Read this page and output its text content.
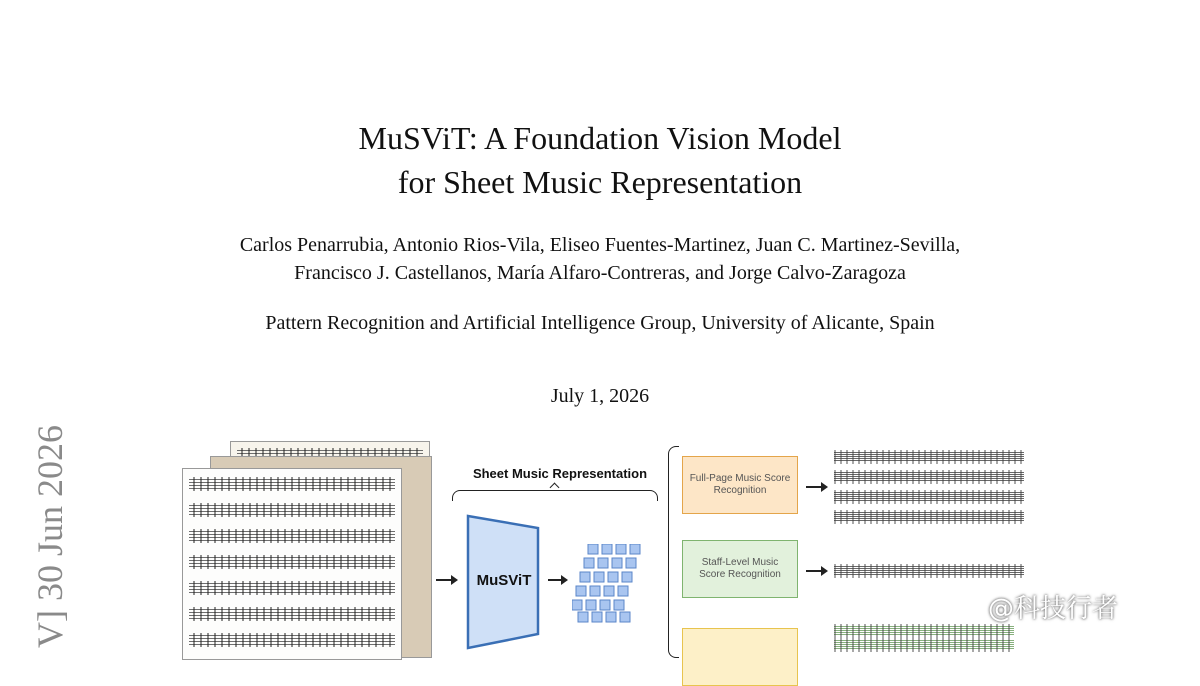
MuSViT: A Foundation Vision Model
for Sheet Music Representation
Carlos Penarrubia, Antonio Rios-Vila, Eliseo Fuentes-Martinez, Juan C. Martinez-Sevilla,
Francisco J. Castellanos, María Alfaro-Contreras, and Jorge Calvo-Zaragoza
Pattern Recognition and Artificial Intelligence Group, University of Alicante, Spain
July 1, 2026
V] 30 Jun 2026	Sheet Music Representation
MuSViT
Full-Page Music Score Recognition
Staff-Level Music Score Recognition
@科技行者
